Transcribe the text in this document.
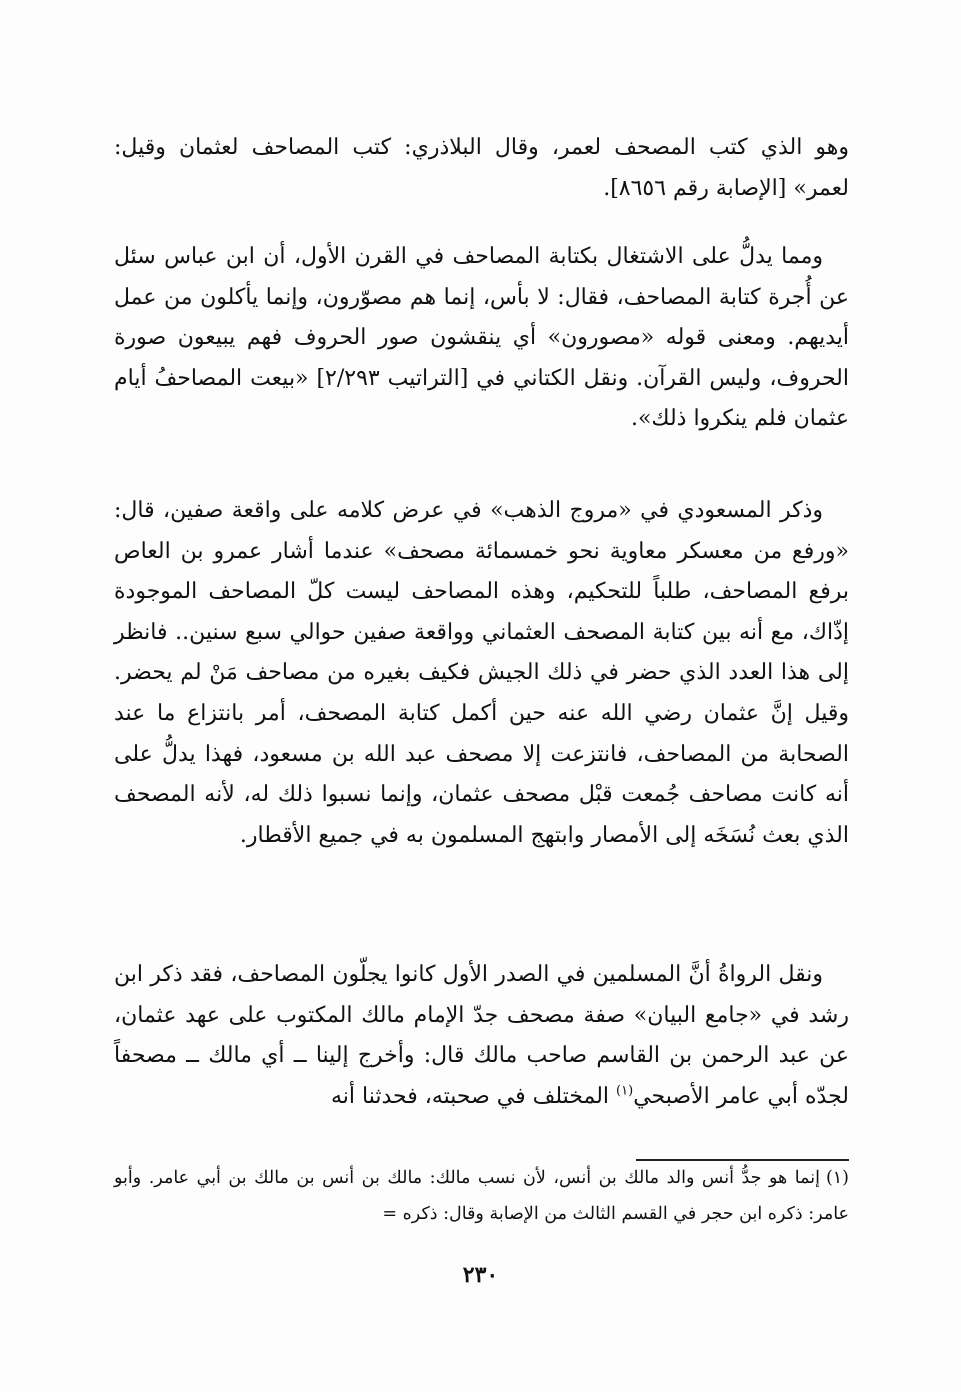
وهو الذي كتب المصحف لعمر، وقال البلاذري: كتب المصاحف لعثمان وقيل: لعمر» [الإصابة رقم ٨٦٥٦].

ومما يدلُّ على الاشتغال بكتابة المصاحف في القرن الأول، أن ابن عباس سئل عن أُجرة كتابة المصاحف، فقال: لا بأس، إنما هم مصوّرون، وإنما يأكلون من عمل أيديهم. ومعنى قوله «مصورون» أي ينقشون صور الحروف فهم يبيعون صورة الحروف، وليس القرآن. ونقل الكتاني في [التراتيب ٢/٢٩٣] «بيعت المصاحفُ أيام عثمان فلم ينكروا ذلك».

وذكر المسعودي في «مروج الذهب» في عرض كلامه على واقعة صفين، قال: «ورفع من معسكر معاوية نحو خمسمائة مصحف» عندما أشار عمرو بن العاص برفع المصاحف، طلباً للتحكيم، وهذه المصاحف ليست كلّ المصاحف الموجودة إذّاك، مع أنه بين كتابة المصحف العثماني وواقعة صفين حوالي سبع سنين.. فانظر إلى هذا العدد الذي حضر في ذلك الجيش فكيف بغيره من مصاحف مَنْ لم يحضر. وقيل إنَّ عثمان رضي الله عنه حين أكمل كتابة المصحف، أمر بانتزاع ما عند الصحابة من المصاحف، فانتزعت إلا مصحف عبد الله بن مسعود، فهذا يدلُّ على أنه كانت مصاحف جُمعت قبْل مصحف عثمان، وإنما نسبوا ذلك له، لأنه المصحف الذي بعث نُسَخَه إلى الأمصار وابتهج المسلمون به في جميع الأقطار.

ونقل الرواةُ أنَّ المسلمين في الصدر الأول كانوا يجلّون المصاحف، فقد ذكر ابن رشد في «جامع البيان» صفة مصحف جدّ الإمام مالك المكتوب على عهد عثمان، عن عبد الرحمن بن القاسم صاحب مالك قال: وأخرج إلينا ــ أي مالك ــ مصحفاً لجدّه أبي عامر الأصبحي$^{(١)}$ المختلف في صحبته، فحدثنا أنه

(١)إنما هو جدُّ أنس والد مالك بن أنس، لأن نسب مالك: مالك بن أنس بن مالك بن أبي عامر. وأبو عامر: ذكره ابن حجر في القسم الثالث من الإصابة وقال: ذكره =
٢٣٠
